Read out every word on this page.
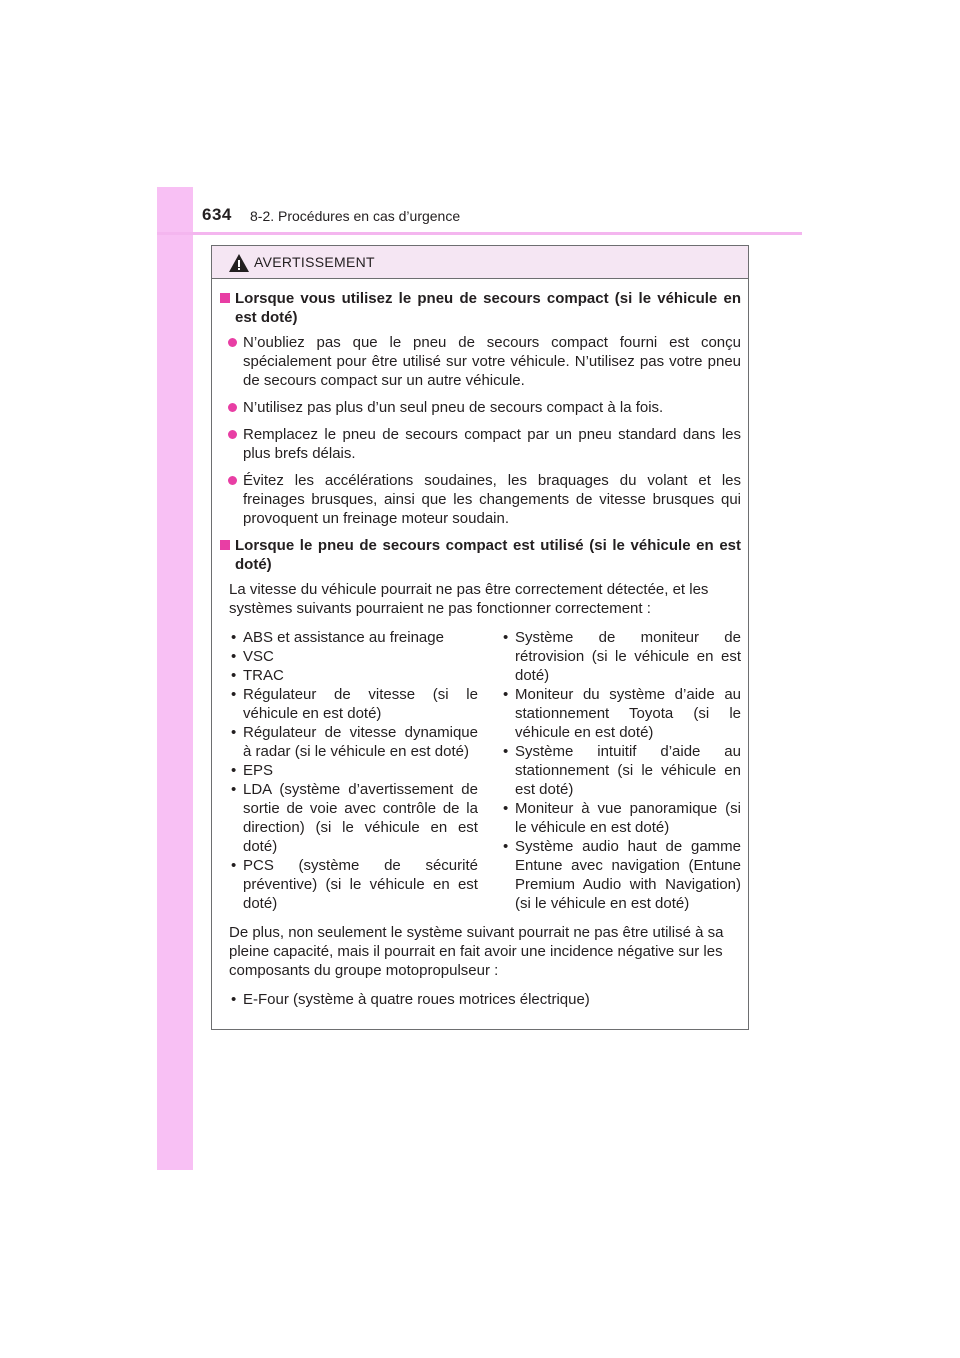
634 8-2. Procédures en cas d’urgence
AVERTISSEMENT
Lorsque vous utilisez le pneu de secours compact (si le véhicule en est doté)
N’oubliez pas que le pneu de secours compact fourni est conçu spécialement pour être utilisé sur votre véhicule. N’utilisez pas votre pneu de secours compact sur un autre véhicule.
N’utilisez pas plus d’un seul pneu de secours compact à la fois.
Remplacez le pneu de secours compact par un pneu standard dans les plus brefs délais.
Évitez les accélérations soudaines, les braquages du volant et les freinages brusques, ainsi que les changements de vitesse brusques qui provoquent un freinage moteur soudain.
Lorsque le pneu de secours compact est utilisé (si le véhicule en est doté)
La vitesse du véhicule pourrait ne pas être correctement détectée, et les systèmes suivants pourraient ne pas fonctionner correctement :
• ABS et assistance au freinage
• VSC
• TRAC
• Régulateur de vitesse (si le véhicule en est doté)
• Régulateur de vitesse dynamique à radar (si le véhicule en est doté)
• EPS
• LDA (système d’avertissement de sortie de voie avec contrôle de la direction) (si le véhicule en est doté)
• PCS (système de sécurité préventive) (si le véhicule en est doté)
• Système de moniteur de rétrovision (si le véhicule en est doté)
• Moniteur du système d’aide au stationnement Toyota (si le véhicule en est doté)
• Système intuitif d’aide au stationnement (si le véhicule en est doté)
• Moniteur à vue panoramique (si le véhicule en est doté)
• Système audio haut de gamme Entune avec navigation (Entune Premium Audio with Navigation) (si le véhicule en est doté)
De plus, non seulement le système suivant pourrait ne pas être utilisé à sa pleine capacité, mais il pourrait en fait avoir une incidence négative sur les composants du groupe motopropulseur :
• E-Four (système à quatre roues motrices électrique)
